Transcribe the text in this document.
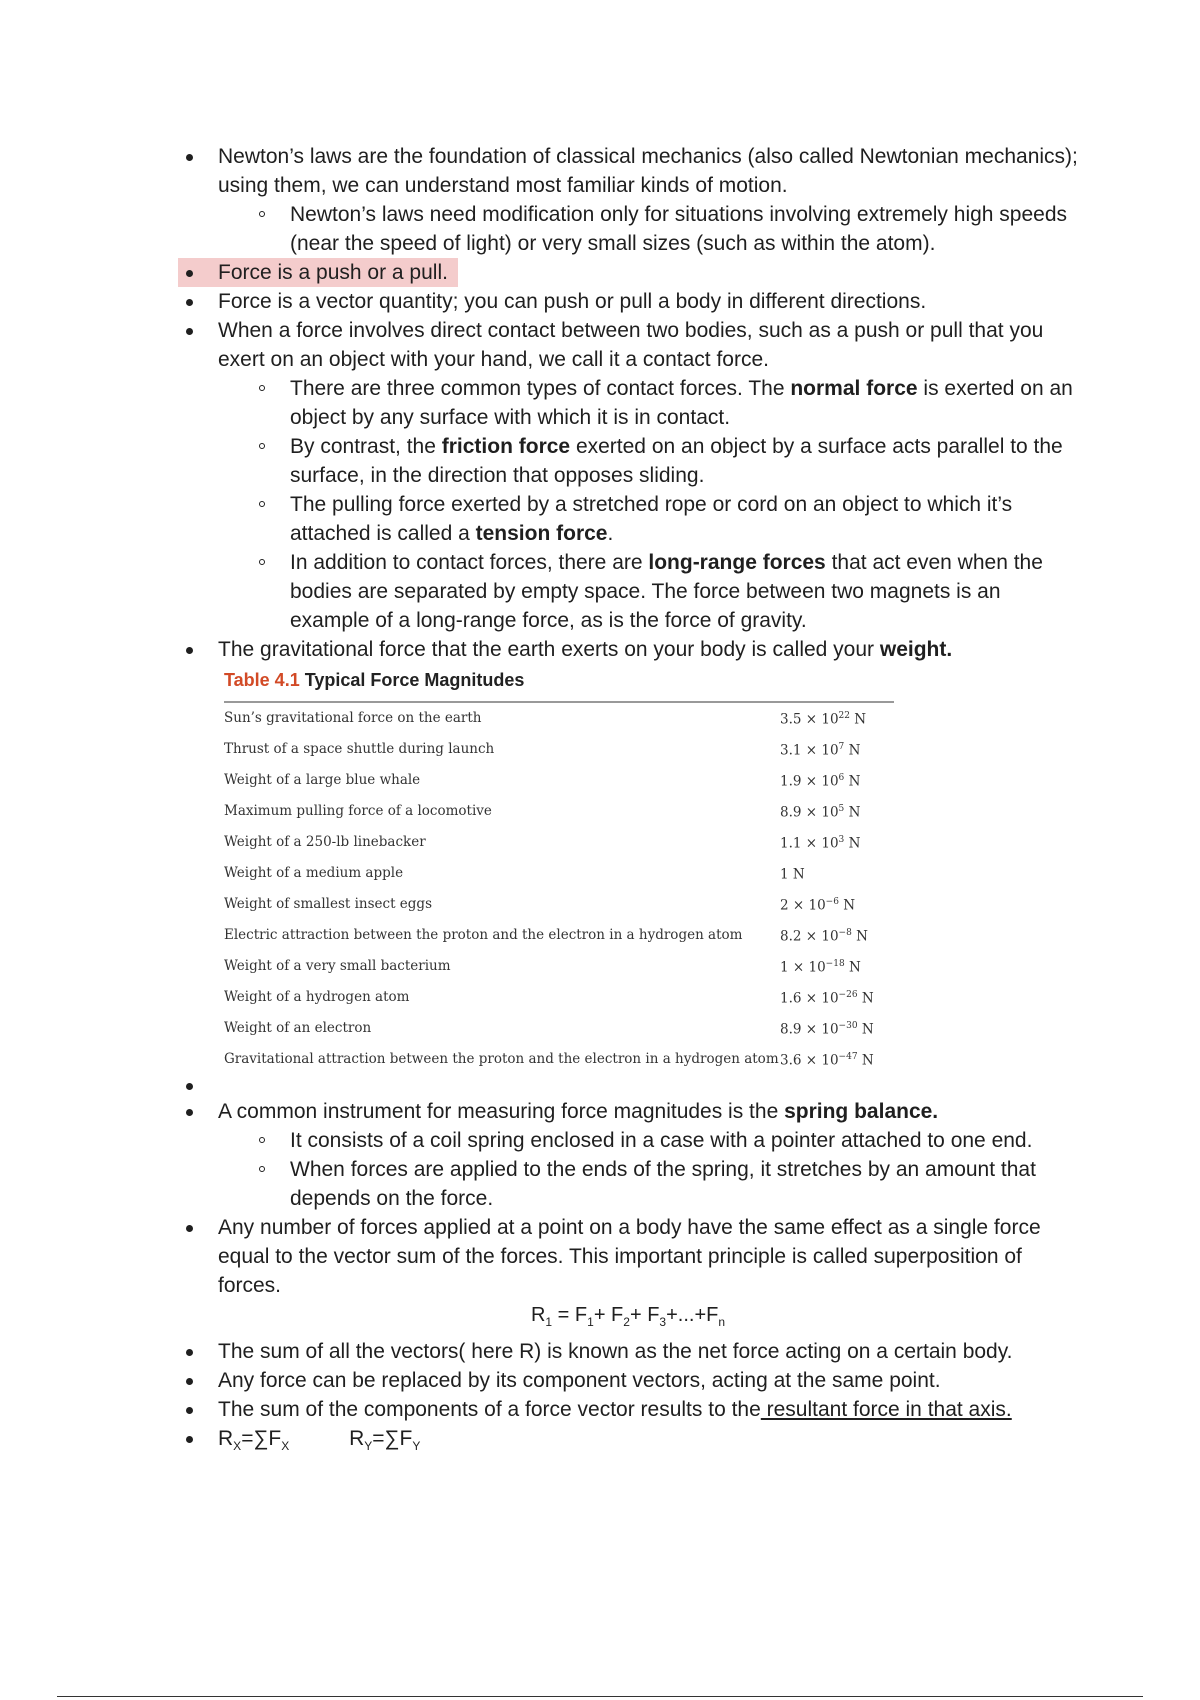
Newton’s laws are the foundation of classical mechanics (also called Newtonian mechanics); using them, we can understand most familiar kinds of motion.
Newton’s laws need modification only for situations involving extremely high speeds (near the speed of light) or very small sizes (such as within the atom).
Force is a push or a pull.
Force is a vector quantity; you can push or pull a body in different directions.
When a force involves direct contact between two bodies, such as a push or pull that you exert on an object with your hand, we call it a contact force.
There are three common types of contact forces. The normal force is exerted on an object by any surface with which it is in contact.
By contrast, the friction force exerted on an object by a surface acts parallel to the surface, in the direction that opposes sliding.
The pulling force exerted by a stretched rope or cord on an object to which it’s attached is called a tension force.
In addition to contact forces, there are long-range forces that act even when the bodies are separated by empty space. The force between two magnets is an example of a long-range force, as is the force of gravity.
The gravitational force that the earth exerts on your body is called your weight.
Table 4.1 Typical Force Magnitudes
Sun’s gravitational force on the earth	$3.5 \times 10^{22}$ N
Thrust of a space shuttle during launch	$3.1 \times 10^7$ N
Weight of a large blue whale	$1.9 \times 10^6$ N
Maximum pulling force of a locomotive	$8.9 \times 10^5$ N
Weight of a 250-lb linebacker	$1.1 \times 10^3$ N
Weight of a medium apple	1 N
Weight of smallest insect eggs	$2 \times 10^{-6}$ N
Electric attraction between the proton and the electron in a hydrogen atom	$8.2 \times 10^{-8}$ N
Weight of a very small bacterium	$1 \times 10^{-18}$ N
Weight of a hydrogen atom	$1.6 \times 10^{-26}$ N
Weight of an electron	$8.9 \times 10^{-30}$ N
Gravitational attraction between the proton and the electron in a hydrogen atom $3.6 \times 10^{-47}$ N
A common instrument for measuring force magnitudes is the spring balance.
It consists of a coil spring enclosed in a case with a pointer attached to one end.
When forces are applied to the ends of the spring, it stretches by an amount that depends on the force.
Any number of forces applied at a point on a body have the same effect as a single force equal to the vector sum of the forces. This important principle is called superposition of forces.
$R_1 = F_1+ F_2+ F_3+...+F_n$
The sum of all the vectors( here R) is known as the net force acting on a certain body.
Any force can be replaced by its component vectors, acting at the same point.
The sum of the components of a force vector results to the resultant force in that axis.
$R_X=\sum F_X$	$R_Y=\sum F_Y$
